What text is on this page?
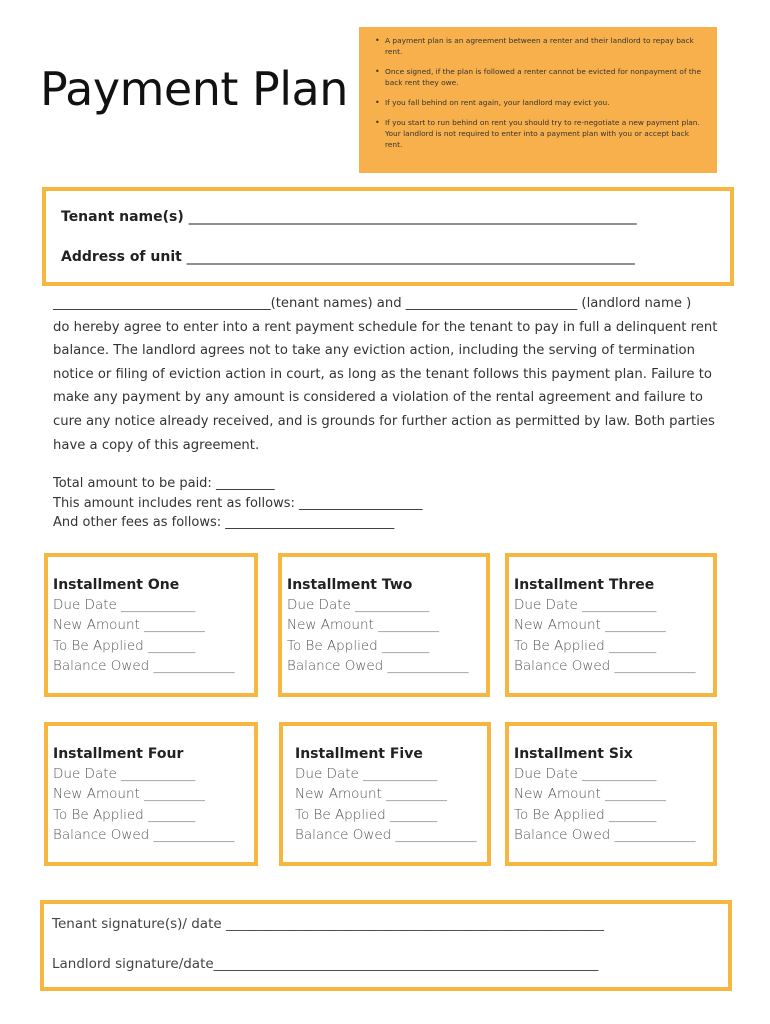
Payment Plan
• A payment plan is an agreement between a renter and their landlord to repay back rent.
• Once signed, if the plan is followed a renter cannot be evicted for nonpayment of the back rent they owe.
• If you fall behind on rent again, your landlord may evict you.
• If you start to run behind on rent you should try to re-negotiate a new payment plan. Your landlord is not required to enter into a payment plan with you or accept back rent.
Tenant name(s) ________________________________________________________________
Address of unit ________________________________________________________________

_________________________________(tenant names) and __________________________ (landlord name )

do hereby agree to enter into a rent payment schedule for the tenant to pay in full a delinquent rent balance. The landlord agrees not to take any eviction action, including the serving of termination notice or filing of eviction action in court, as long as the tenant follows this payment plan. Failure to make any payment by any amount is considered a violation of the rental agreement and failure to cure any notice already received, and is grounds for further action as permitted by law. Both parties have a copy of this agreement.

Total amount to be paid: _________
This amount includes rent as follows: ___________________
And other fees as follows: __________________________
Installment One
Due Date ___________
New Amount _________
To Be Applied _______
Balance Owed ____________
Installment Two
Due Date ___________
New Amount _________
To Be Applied _______
Balance Owed ____________
Installment Three
Due Date ___________
New Amount _________
To Be Applied _______
Balance Owed ____________
Installment Four
Due Date ___________
New Amount _________
To Be Applied _______
Balance Owed ____________
Installment Five
Due Date ___________
New Amount _________
To Be Applied _______
Balance Owed ____________
Installment Six
Due Date ___________
New Amount _________
To Be Applied _______
Balance Owed ____________
Tenant signature(s)/ date ________________________________________________________
Landlord signature/date_________________________________________________________
